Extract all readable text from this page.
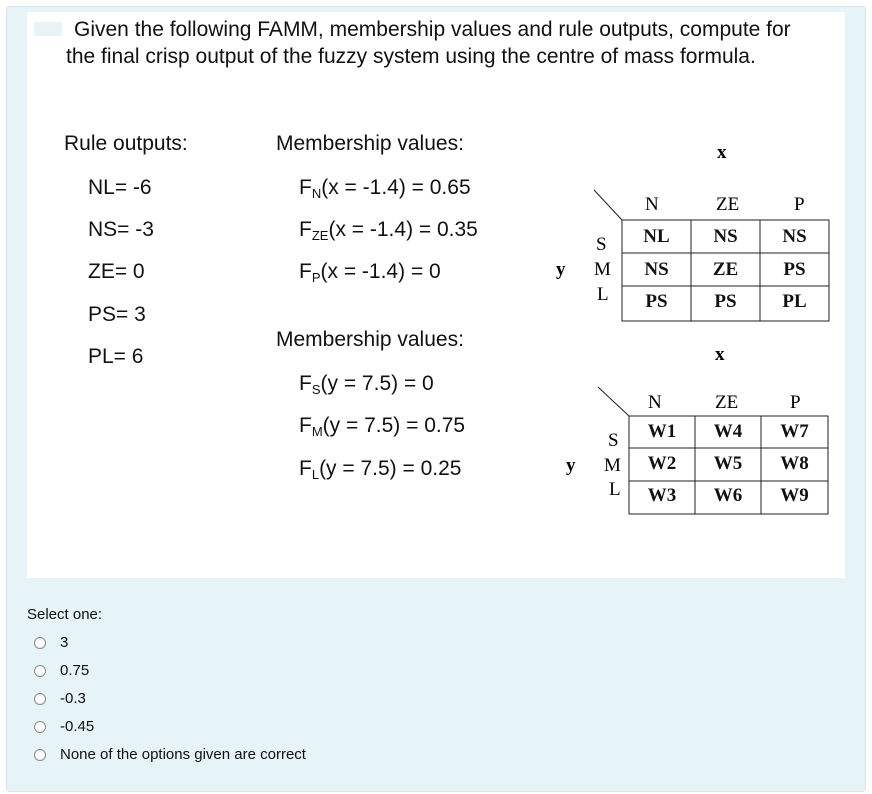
Given the following FAMM, membership values and rule outputs, compute for
the final crisp output of the fuzzy system using the centre of mass formula.
Rule outputs:
NL= -6
NS= -3
ZE= 0
PS= 3
PL= 6
Membership values:
$F_N(x = -1.4) = 0.65$
$F_{ZE}(x = -1.4) = 0.35$
$F_P(x = -1.4) = 0$
Membership values:
$F_S(y = 7.5) = 0$
$F_M(y = 7.5) = 0.75$
$F_L(y = 7.5) = 0.25$
x
N	ZE	P
S
M
L
y
NL	NS	NS
NS	ZE	PS
PS	PS	PL
x
N	ZE	P
S
M
L
y
W1	W4	W7
W2	W5	W8
W3	W6	W9
Select one:
3
0.75
-0.3
-0.45
None of the options given are correct
